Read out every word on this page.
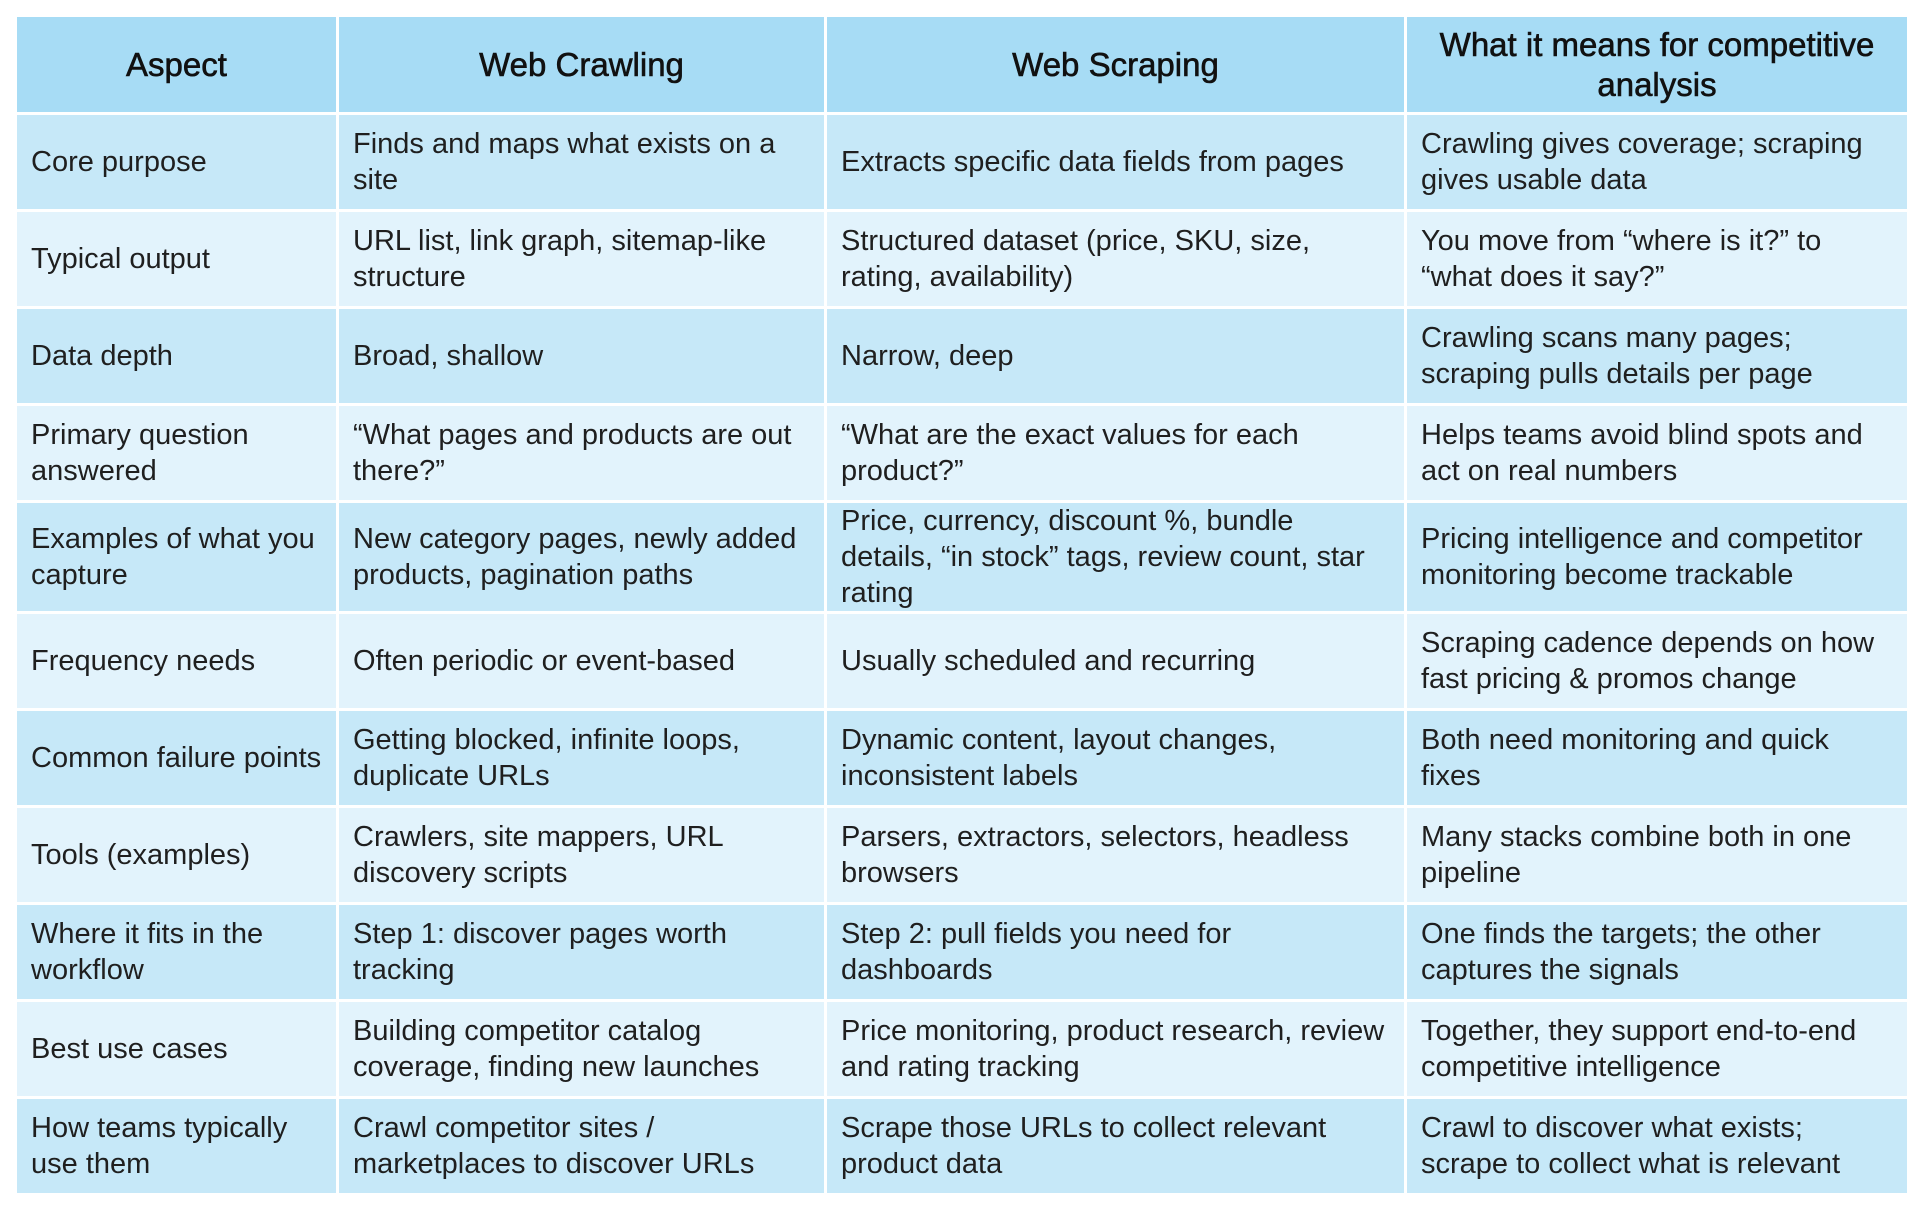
Aspect	Web Crawling	Web Scraping	What it means for competitive analysis
Core purpose	Finds and maps what exists on a site	Extracts specific data fields from pages	Crawling gives coverage; scraping gives usable data
Typical output	URL list, link graph, sitemap-like structure	Structured dataset (price, SKU, size, rating, availability)	You move from “where is it?” to “what does it say?”
Data depth	Broad, shallow	Narrow, deep	Crawling scans many pages; scraping pulls details per page
Primary question answered	“What pages and products are out there?”	“What are the exact values for each product?”	Helps teams avoid blind spots and act on real numbers
Examples of what you capture	New category pages, newly added products, pagination paths	Price, currency, discount %, bundle details, “in stock” tags, review count, star rating	Pricing intelligence and competitor monitoring become trackable
Frequency needs	Often periodic or event-based	Usually scheduled and recurring	Scraping cadence depends on how fast pricing & promos change
Common failure points	Getting blocked, infinite loops, duplicate URLs	Dynamic content, layout changes, inconsistent labels	Both need monitoring and quick fixes
Tools (examples)	Crawlers, site mappers, URL discovery scripts	Parsers, extractors, selectors, headless browsers	Many stacks combine both in one pipeline
Where it fits in the workflow	Step 1: discover pages worth tracking	Step 2: pull fields you need for dashboards	One finds the targets; the other captures the signals
Best use cases	Building competitor catalog coverage, finding new launches	Price monitoring, product research, review and rating tracking	Together, they support end-to-end competitive intelligence
How teams typically use them	Crawl competitor sites / marketplaces to discover URLs	Scrape those URLs to collect relevant product data	Crawl to discover what exists; scrape to collect what is relevant
